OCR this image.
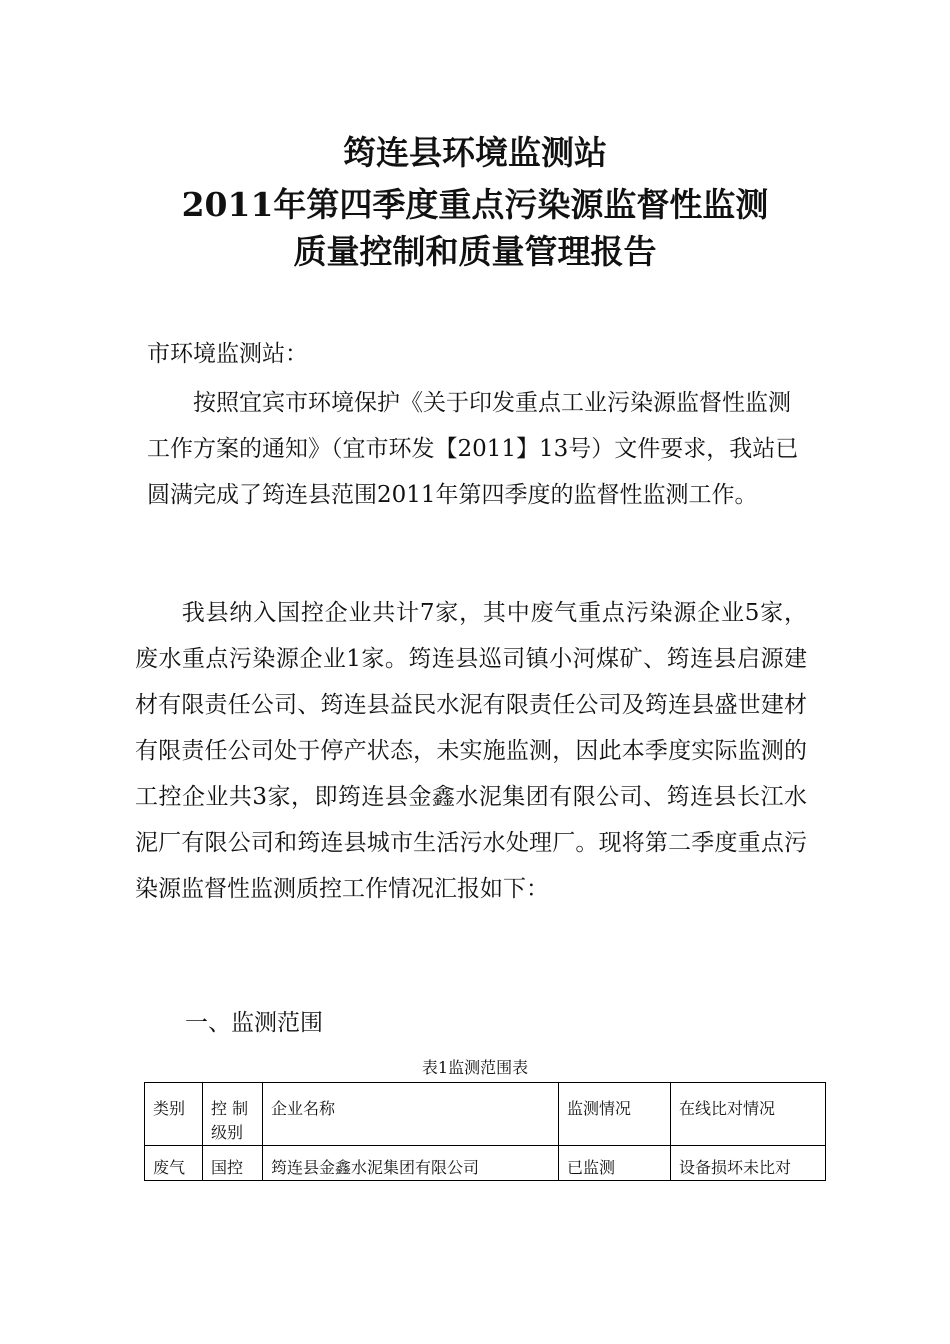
筠连县环境监测站
2011年第四季度重点污染源监督性监测
质量控制和质量管理报告

市环境监测站：

按照宜宾市环境保护《关于印发重点工业污染源监督性监测工作方案的通知》（宜市环发【2011】13号）文件要求，我站已圆满完成了筠连县范围2011年第四季度的监督性监测工作。

我县纳入国控企业共计7家，其中废气重点污染源企业5家，废水重点污染源企业1家。筠连县巡司镇小河煤矿、筠连县启源建材有限责任公司、筠连县益民水泥有限责任公司及筠连县盛世建材有限责任公司处于停产状态，未实施监测，因此本季度实际监测的工控企业共3家，即筠连县金鑫水泥集团有限公司、筠连县长江水泥厂有限公司和筠连县城市生活污水处理厂。现将第二季度重点污染源监督性监测质控工作情况汇报如下：

一、监测范围

表1监测范围表
类别	控 制级别	企业名称	监测情况	在线比对情况
废气	国控	筠连县金鑫水泥集团有限公司	已监测	设备损坏未比对
